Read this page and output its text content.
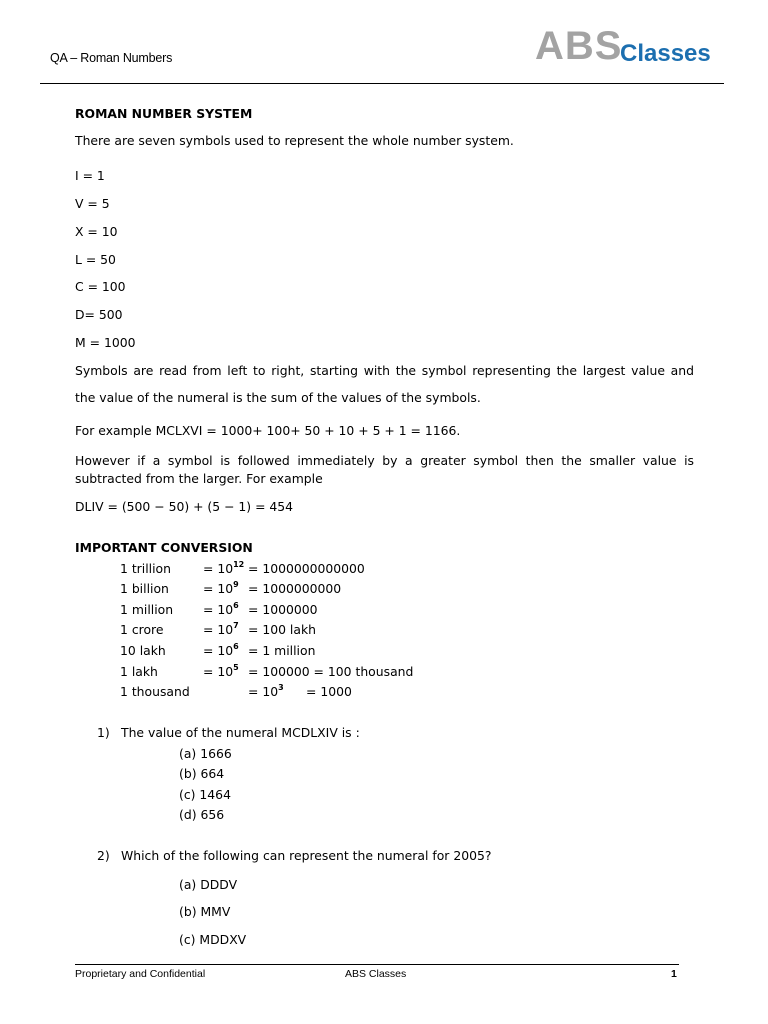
QA – Roman Numbers	ABS
Classes
ROMAN NUMBER SYSTEM
There are seven symbols used to represent the whole number system.
I = 1
V = 5
X = 10
L = 50
C = 100
D= 500
M = 1000
Symbols are read from left to right, starting with the symbol representing the largest value and
the value of the numeral is the sum of the values of the symbols.
For example MCLXVI = 1000+ 100+ 50 + 10 + 5 + 1 = 1166.
However if a symbol is followed immediately by a greater symbol then the smaller value is
subtracted from the larger. For example
DLIV = (500 − 50) + (5 − 1) = 454
IMPORTANT CONVERSION
1 trillion	= $10^{12} = 1000000000000$
1 billion	= $10^9 = 1000000000$
1 million = $10^6 = 1000000$
1 crore	= $10^7 = 100$ lakh
10 lakh	= $10^6 = 1$ million
1 lakh	= $10^5 = 100000 = 100$ thousand
1 thousand	= $10^3 = 1000$
1) The value of the numeral MCDLXIV is :
(a) 1666
(b) 664
(c) 1464
(d) 656
2) Which of the following can represent the numeral for 2005?
(a) DDDV
(b) MMV
(c) MDDXV
Proprietary and Confidential	ABS Classes	1
